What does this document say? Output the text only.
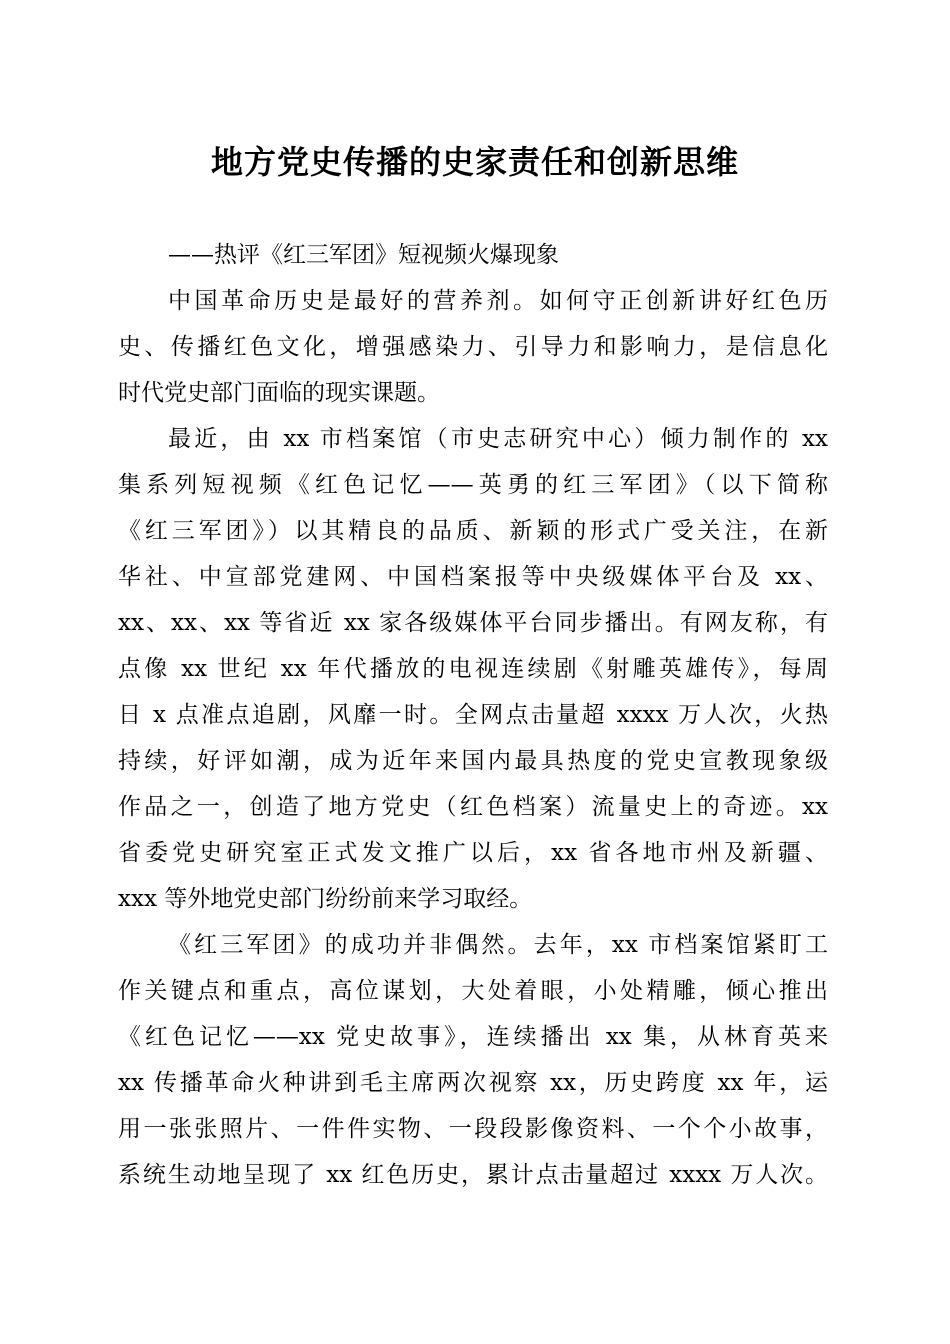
地方党史传播的史家责任和创新思维
——热评《红三军团》短视频火爆现象
中国革命历史是最好的营养剂。如何守正创新讲好红色历
史、传播红色文化，增强感染力、引导力和影响力，是信息化
时代党史部门面临的现实课题。
最近，由 xx 市档案馆（市史志研究中心）倾力制作的 xx
集系列短视频《红色记忆——英勇的红三军团》（以下简称
《红三军团》）以其精良的品质、新颖的形式广受关注，在新
华社、中宣部党建网、中国档案报等中央级媒体平台及 xx、
xx、xx、xx 等省近 xx 家各级媒体平台同步播出。有网友称，有
点像 xx 世纪 xx 年代播放的电视连续剧《射雕英雄传》，每周
日 x 点准点追剧，风靡一时。全网点击量超 xxxx 万人次，火热
持续，好评如潮，成为近年来国内最具热度的党史宣教现象级
作品之一，创造了地方党史（红色档案）流量史上的奇迹。xx
省委党史研究室正式发文推广以后，xx 省各地市州及新疆、
xxx 等外地党史部门纷纷前来学习取经。
《红三军团》的成功并非偶然。去年，xx 市档案馆紧盯工
作关键点和重点，高位谋划，大处着眼，小处精雕，倾心推出
《红色记忆——xx 党史故事》，连续播出 xx 集，从林育英来
xx 传播革命火种讲到毛主席两次视察 xx，历史跨度 xx 年，运
用一张张照片、一件件实物、一段段影像资料、一个个小故事，
系统生动地呈现了 xx 红色历史，累计点击量超过 xxxx 万人次。
